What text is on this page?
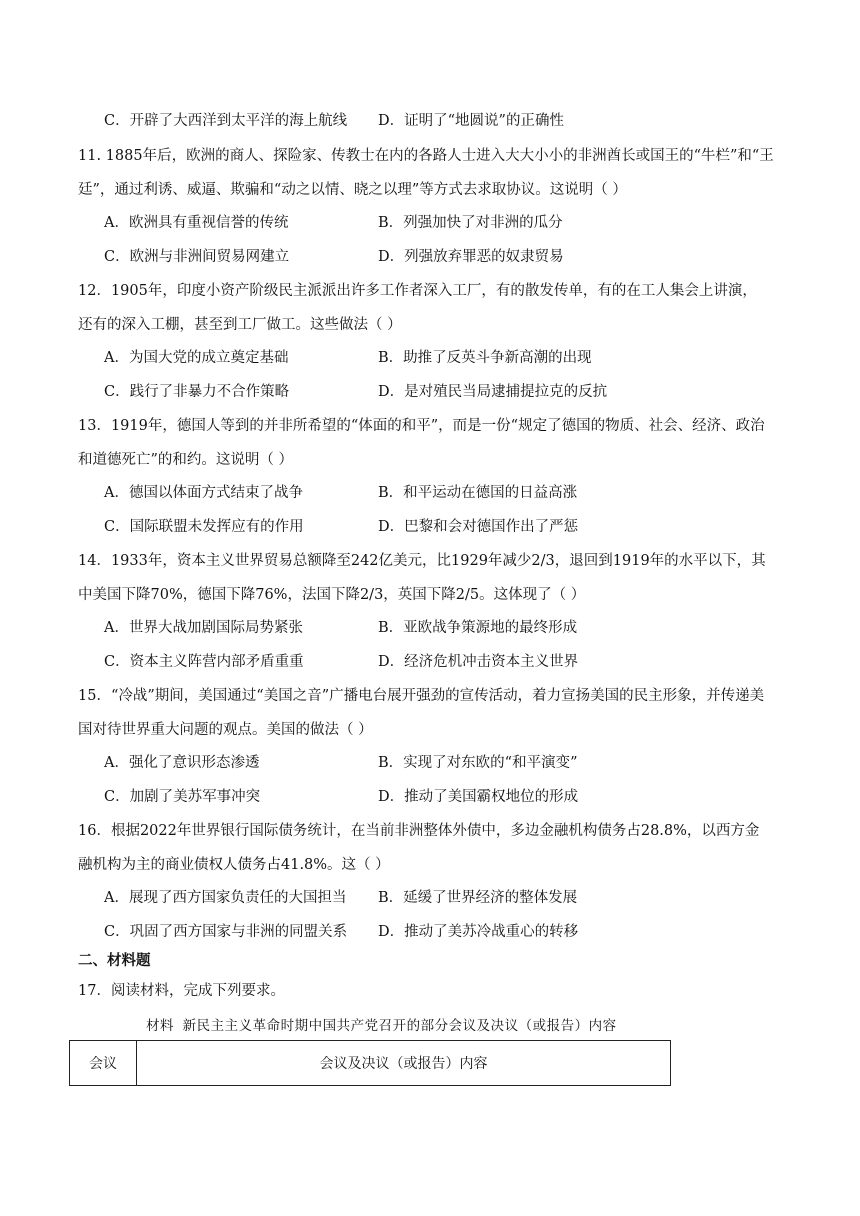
C．开辟了大西洋到太平洋的海上航线 D．证明了“地圆说”的正确性
11. 1885年后，欧洲的商人、探险家、传教士在内的各路人士进入大大小小的非洲酋长或国王的“牛栏”和“王
廷”，通过利诱、威逼、欺骗和“动之以情、晓之以理”等方式去求取协议。这说明（ ）
A．欧洲具有重视信誉的传统	B．列强加快了对非洲的瓜分
C．欧洲与非洲间贸易网建立	D．列强放弃罪恶的奴隶贸易
12．1905年，印度小资产阶级民主派派出许多工作者深入工厂，有的散发传单，有的在工人集会上讲演，
还有的深入工棚，甚至到工厂做工。这些做法（ ）
A．为国大党的成立奠定基础	B．助推了反英斗争新高潮的出现
C．践行了非暴力不合作策略	D．是对殖民当局逮捕提拉克的反抗
13．1919年，德国人等到的并非所希望的“体面的和平”，而是一份“规定了德国的物质、社会、经济、政治
和道德死亡”的和约。这说明（ ）
A．德国以体面方式结束了战争	B．和平运动在德国的日益高涨
C．国际联盟未发挥应有的作用	D．巴黎和会对德国作出了严惩
14．1933年，资本主义世界贸易总额降至242亿美元，比1929年减少2/3，退回到1919年的水平以下，其
中美国下降70%，德国下降76%，法国下降2/3，英国下降2/5。这体现了（ ）
A．世界大战加剧国际局势紧张	B．亚欧战争策源地的最终形成
C．资本主义阵营内部矛盾重重	D．经济危机冲击资本主义世界
15．“冷战”期间，美国通过“美国之音”广播电台展开强劲的宣传活动，着力宣扬美国的民主形象，并传递美
国对待世界重大问题的观点。美国的做法（ ）
A．强化了意识形态渗透	B．实现了对东欧的“和平演变”
C．加剧了美苏军事冲突	D．推动了美国霸权地位的形成
16．根据2022年世界银行国际债务统计，在当前非洲整体外债中，多边金融机构债务占28.8%，以西方金
融机构为主的商业债权人债务占41.8%。这（ ）
A．展现了西方国家负责任的大国担当 B．延缓了世界经济的整体发展
C．巩固了西方国家与非洲的同盟关系 D．推动了美苏冷战重心的转移
二、材料题
17．阅读材料，完成下列要求。
材料 新民主主义革命时期中国共产党召开的部分会议及决议（或报告）内容
会议	会议及决议（或报告）内容
